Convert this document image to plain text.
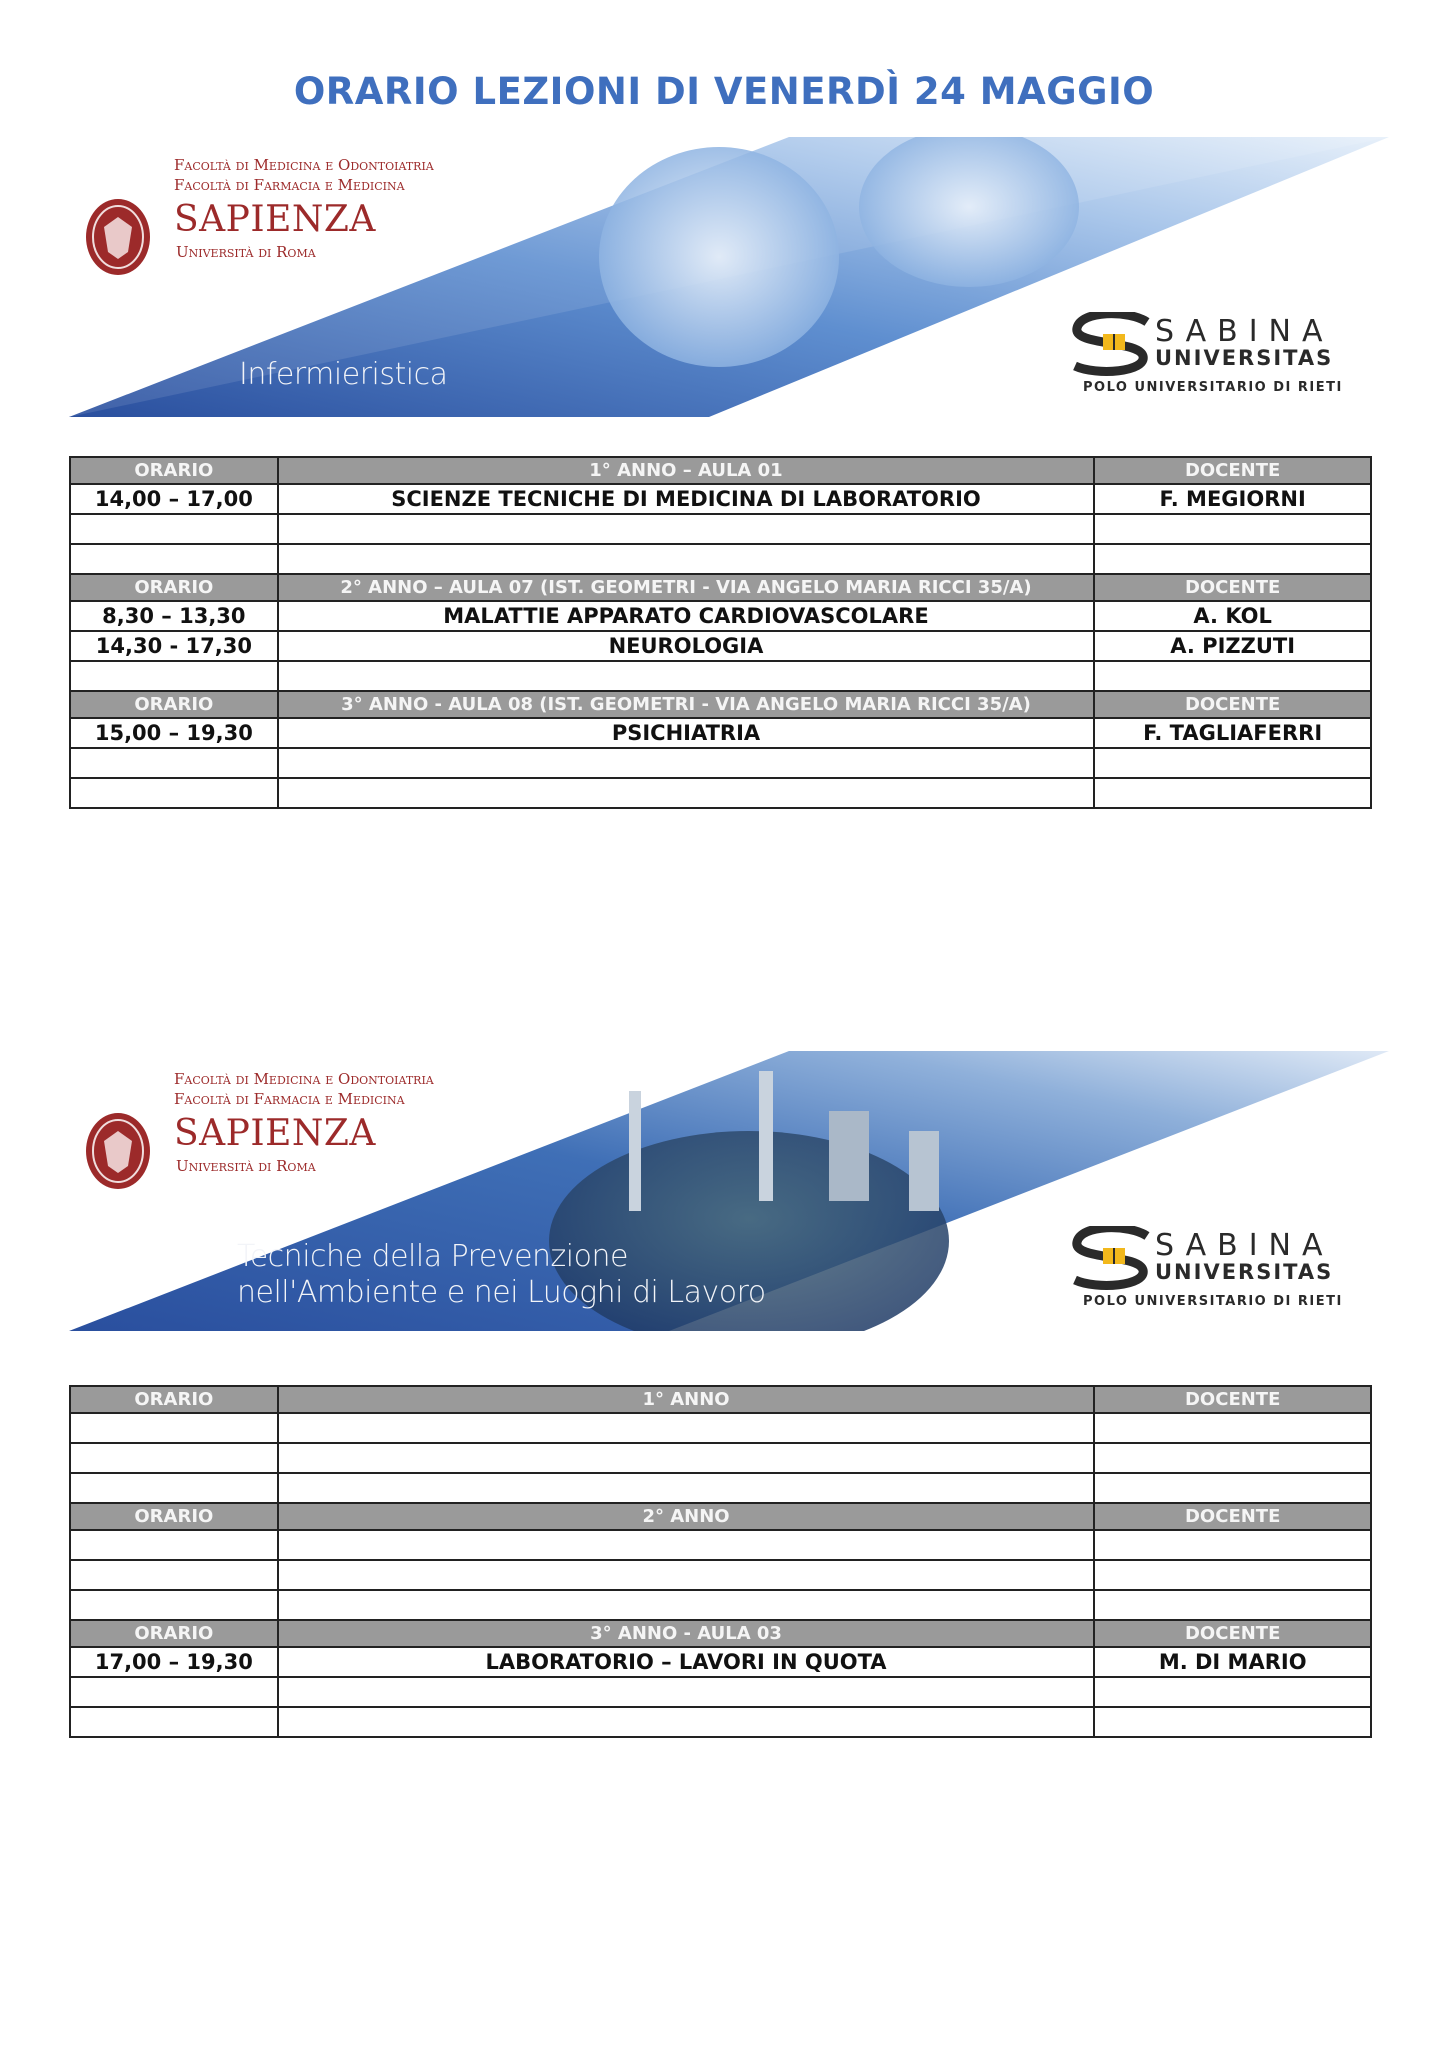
ORARIO LEZIONI DI VENERDÌ 24 MAGGIO
Facoltà di Medicina e Odontoiatria
Facoltà di Farmacia e Medicina
SAPIENZA
Università di Roma
Infermieristica
SABINA
UNIVERSITAS
POLO UNIVERSITARIO DI RIETI
ORARIO	1° ANNO – AULA 01	DOCENTE
14,00 – 17,00	SCIENZE TECNICHE DI MEDICINA DI LABORATORIO	F. MEGIORNI

ORARIO	2° ANNO – AULA 07 (IST. GEOMETRI - VIA ANGELO MARIA RICCI 35/A)	DOCENTE
8,30 – 13,30	MALATTIE APPARATO CARDIOVASCOLARE	A. KOL
14,30 - 17,30	NEUROLOGIA	A. PIZZUTI

ORARIO	3° ANNO - AULA 08 (IST. GEOMETRI - VIA ANGELO MARIA RICCI 35/A)	DOCENTE
15,00 – 19,30	PSICHIATRIA	F. TAGLIAFERRI

Facoltà di Medicina e Odontoiatria
Facoltà di Farmacia e Medicina
SAPIENZA
Università di Roma
Tecniche della Prevenzione
nell'Ambiente e nei Luoghi di Lavoro
SABINA
UNIVERSITAS
POLO UNIVERSITARIO DI RIETI
ORARIO	1° ANNO	DOCENTE

ORARIO	2° ANNO	DOCENTE

ORARIO	3° ANNO - AULA 03	DOCENTE
17,00 – 19,30	LABORATORIO – LAVORI IN QUOTA	M. DI MARIO
